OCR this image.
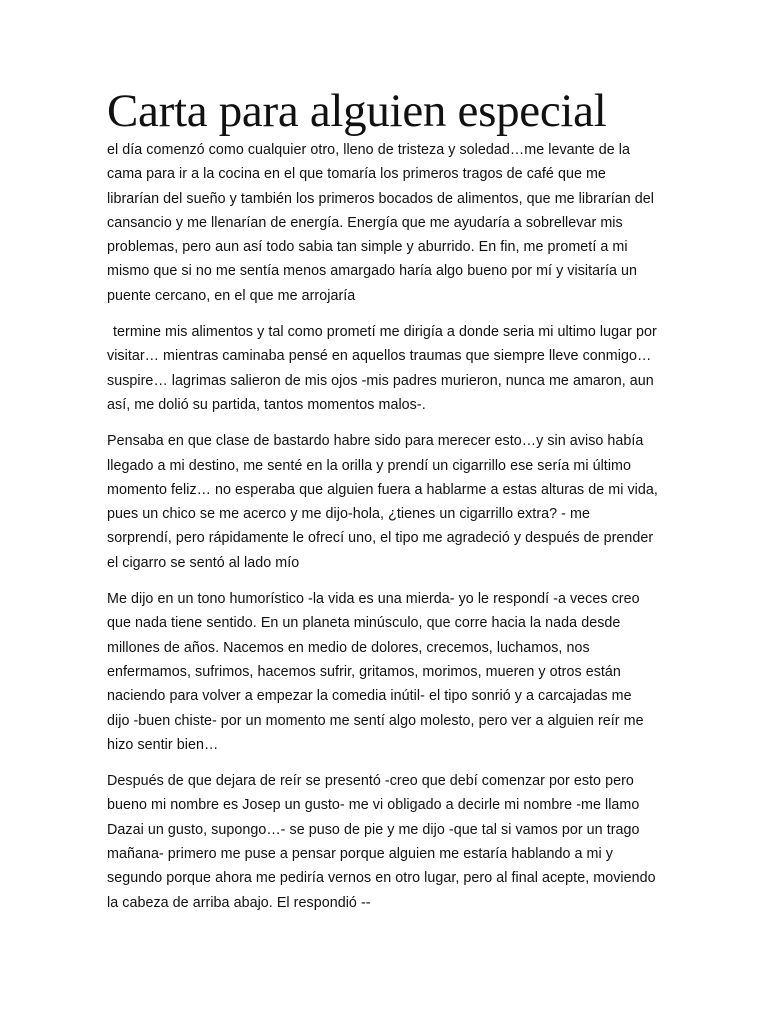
Carta para alguien especial

el día comenzó como cualquier otro, lleno de tristeza y soledad…me levante de la cama para ir a la cocina en el que tomaría los primeros tragos de café que me librarían del sueño y también los primeros bocados de alimentos, que me librarían del cansancio y me llenarían de energía. Energía que me ayudaría a sobrellevar mis problemas, pero aun así todo sabia tan simple y aburrido. En fin, me prometí a mi mismo que si no me sentía menos amargado haría algo bueno por mí y visitaría un puente cercano, en el que me arrojaría

termine mis alimentos y tal como prometí me dirigía a donde seria mi ultimo lugar por visitar… mientras caminaba pensé en aquellos traumas que siempre lleve conmigo… suspire… lagrimas salieron de mis ojos -mis padres murieron, nunca me amaron, aun así, me dolió su partida, tantos momentos malos-.

Pensaba en que clase de bastardo habre sido para merecer esto…y sin aviso había llegado a mi destino, me senté en la orilla y prendí un cigarrillo ese sería mi último momento feliz… no esperaba que alguien fuera a hablarme a estas alturas de mi vida, pues un chico se me acerco y me dijo-hola, ¿tienes un cigarrillo extra? - me sorprendí, pero rápidamente le ofrecí uno, el tipo me agradeció y después de prender el cigarro se sentó al lado mío

Me dijo en un tono humorístico -la vida es una mierda- yo le respondí -a veces creo que nada tiene sentido. En un planeta minúsculo, que corre hacia la nada desde millones de años. Nacemos en medio de dolores, crecemos, luchamos, nos enfermamos, sufrimos, hacemos sufrir, gritamos, morimos, mueren y otros están naciendo para volver a empezar la comedia inútil- el tipo sonrió y a carcajadas me dijo -buen chiste- por un momento me sentí algo molesto, pero ver a alguien reír me hizo sentir bien…

Después de que dejara de reír se presentó -creo que debí comenzar por esto pero bueno mi nombre es Josep un gusto- me vi obligado a decirle mi nombre -me llamo Dazai un gusto, supongo…- se puso de pie y me dijo -que tal si vamos por un trago mañana- primero me puse a pensar porque alguien me estaría hablando a mi y segundo porque ahora me pediría vernos en otro lugar, pero al final acepte, moviendo la cabeza de arriba abajo. El respondió --
